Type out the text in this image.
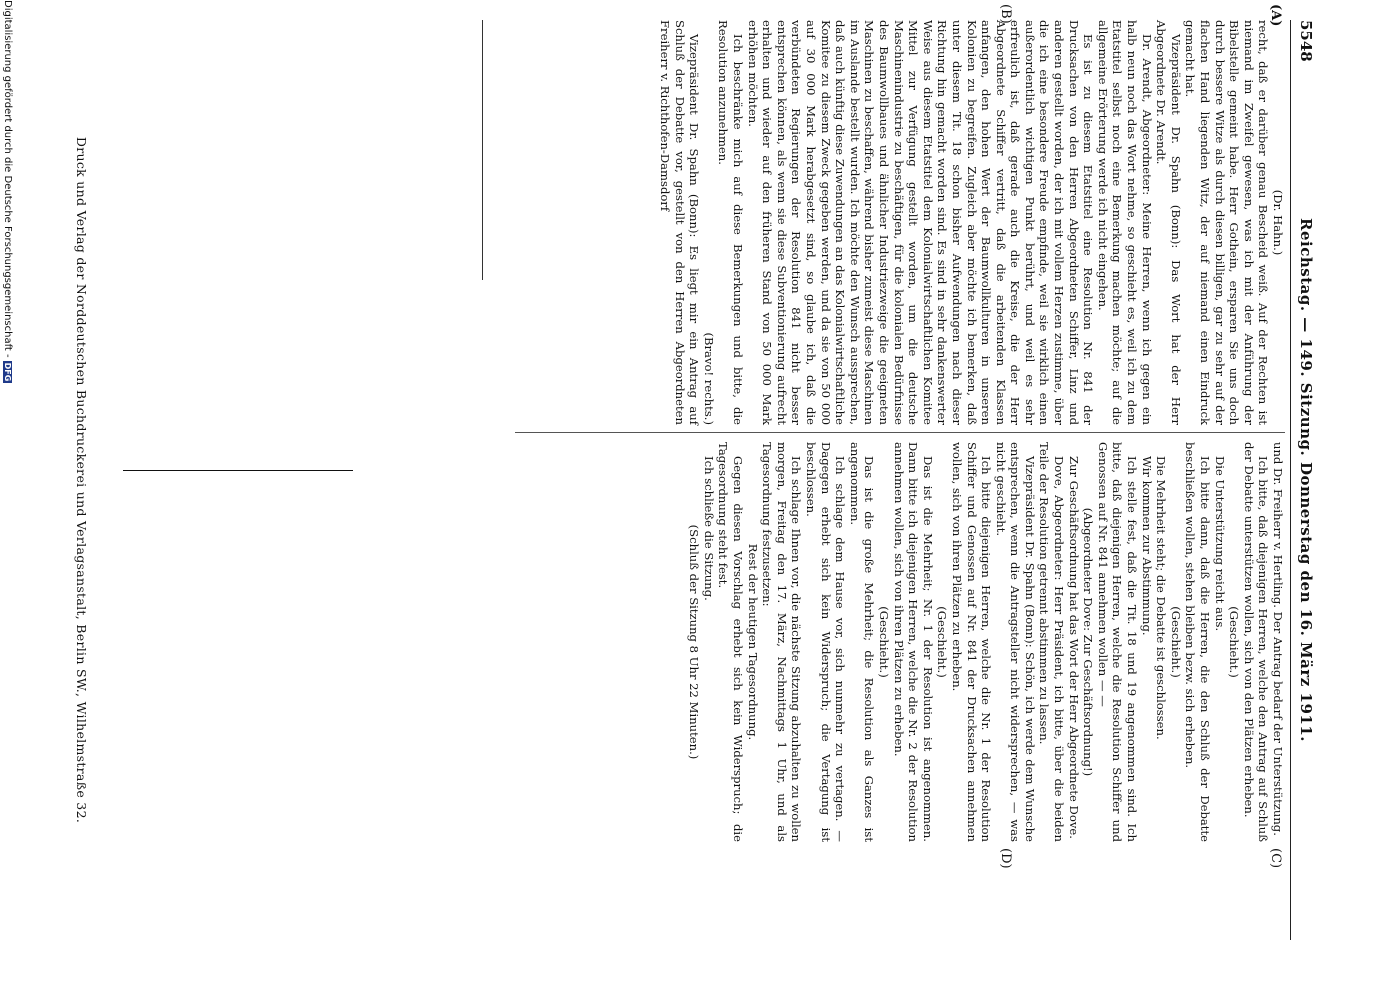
5548
Reichstag. — 149. Sitzung. Donnerstag den 16. März 1911.
(A)
(B)
(C)
(D)

(Dr. Hahn.)

recht, daß er darüber genau Bescheid weiß. Auf der Rechten ist niemand im Zweifel gewesen, was ich mit der Anführung der Bibelstelle gemeint habe. Herr Gothein, ersparen Sie uns doch durch bessere Witze als durch diesen billigen, gar zu sehr auf der flachen Hand liegenden Witz, der auf niemand einen Eindruck gemacht hat.

Vizepräsident Dr. Spahn (Bonn): Das Wort hat der Herr Abgeordnete Dr. Arendt.

Dr. Arendt, Abgeordneter: Meine Herren, wenn ich gegen ein halb neun noch das Wort nehme, so geschieht es, weil ich zu dem Etatstitel selbst noch eine Bemerkung machen möchte; auf die allgemeine Erörterung werde ich nicht eingehen.

Es ist zu diesem Etatstitel eine Resolution Nr. 841 der Drucksachen von den Herren Abgeordneten Schiffer, Linz und anderen gestellt worden, der ich mit vollem Herzen zustimme, über die ich eine besondere Freude empfinde, weil sie wirklich einen außerordentlich wichtigen Punkt berührt, und weil es sehr erfreulich ist, daß gerade auch die Kreise, die der Herr Abgeordnete Schiffer vertritt, daß die arbeitenden Klassen anfangen, den hohen Wert der Baumwollkulturen in unseren Kolonien zu begreifen. Zugleich aber möchte ich bemerken, daß unter diesem Tit. 18 schon bisher Aufwendungen nach dieser Richtung hin gemacht worden sind. Es sind in sehr dankenswerter Weise aus diesem Etatstitel dem Kolonialwirtschaftlichen Komitee Mittel zur Verfügung gestellt worden, um die deutsche Maschinenindustrie zu beschäftigen, für die kolonialen Bedürfnisse des Baumwollbaues und ähnlicher Industriezweige die geeigneten Maschinen zu beschaffen, während bisher zumeist diese Maschinen im Auslande bestellt wurden. Ich möchte den Wunsch aussprechen, daß auch künftig diese Zuwendungen an das Kolonialwirtschaftliche Komitee zu diesem Zweck gegeben werden, und da sie von 50 000 auf 30 000 Mark herabgesetzt sind, so glaube ich, daß die verbündeten Regierungen der Resolution 841 nicht besser entsprechen können, als wenn sie diese Subventionierung aufrecht erhalten und wieder auf den früheren Stand von 50 000 Mark erhöhen möchten.

Ich beschränke mich auf diese Bemerkungen und bitte, die Resolution anzunehmen.

(Bravo! rechts.)

Vizepräsident Dr. Spahn (Bonn): Es liegt mir ein Antrag auf Schluß der Debatte vor, gestellt von den Herren Abgeordneten Freiherr v. Richthofen-Damsdorf

und Dr. Freiherr v. Hertling. Der Antrag bedarf der Unterstützung.

Ich bitte, daß diejenigen Herren, welche den Antrag auf Schluß der Debatte unterstützen wollen, sich von den Plätzen erheben.

(Geschieht.)

Die Unterstützung reicht aus.

Ich bitte dann, daß die Herren, die den Schluß der Debatte beschließen wollen, stehen bleiben bezw. sich erheben.

(Geschieht.)

Die Mehrheit steht; die Debatte ist geschlossen.

Wir kommen zur Abstimmung.

Ich stelle fest, daß die Tit. 18 und 19 angenommen sind. Ich bitte, daß diejenigen Herren, welche die Resolution Schiffer und Genossen auf Nr. 841 annehmen wollen — —

(Abgeordneter Dove: Zur Geschäftsordnung!)

Zur Geschäftsordnung hat das Wort der Herr Abgeordnete Dove.

Dove, Abgeordneter: Herr Präsident, ich bitte, über die beiden Teile der Resolution getrennt abstimmen zu lassen.

Vizepräsident Dr. Spahn (Bonn): Schön, ich werde dem Wunsche entsprechen, wenn die Antragsteller nicht widersprechen, — was nicht geschieht.

Ich bitte diejenigen Herren, welche die Nr. 1 der Resolution Schiffer und Genossen auf Nr. 841 der Drucksachen annehmen wollen, sich von ihren Plätzen zu erheben.

(Geschieht.)

Das ist die Mehrheit; Nr. 1 der Resolution ist angenommen. Dann bitte ich diejenigen Herren, welche die Nr. 2 der Resolution annehmen wollen, sich von ihren Plätzen zu erheben.

(Geschieht.)

Das ist die große Mehrheit; die Resolution als Ganzes ist angenommen.

Ich schlage dem Hause vor, sich nunmehr zu vertagen. — Dagegen erhebt sich kein Widerspruch; die Vertagung ist beschlossen.

Ich schlage Ihnen vor, die nächste Sitzung abzuhalten zu wollen morgen, Freitag den 17. März, Nachmittags 1 Uhr, und als Tagesordnung festzusetzen:

Rest der heutigen Tagesordnung.

Gegen diesen Vorschlag erhebt sich kein Widerspruch; die Tagesordnung steht fest.

Ich schließe die Sitzung.

(Schluß der Sitzung 8 Uhr 22 Minuten.)

Druck und Verlag der Norddeutschen Buchdruckerei und Verlagsanstalt, Berlin SW., Wilhelmstraße 32.
Digitalisierung gefördert durch die Deutsche Forschungsgemeinschaft -DFG
